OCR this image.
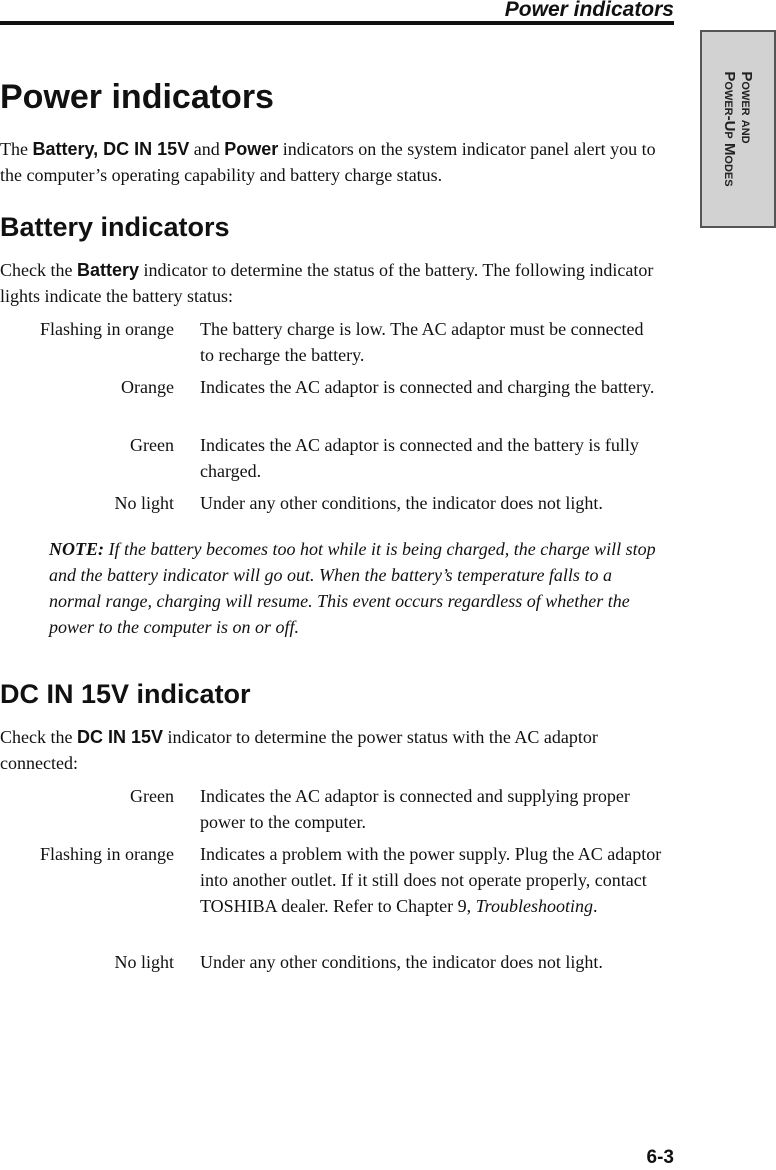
Power indicators
Power and
Power-Up Modes
Power indicators

The Battery, DC IN 15V and Power indicators on the system indicator panel alert you to the computer’s operating capability and battery charge status.

Battery indicators

Check the Battery indicator to determine the status of the battery. The following indicator lights indicate the battery status:

Flashing in orange The battery charge is low. The AC adaptor must be connected to recharge the battery.
Orange Indicates the AC adaptor is connected and charging the battery.
Green Indicates the AC adaptor is connected and the battery is fully charged.
No light Under any other conditions, the indicator does not light.

NOTE: If the battery becomes too hot while it is being charged, the charge will stop and the battery indicator will go out. When the battery’s temperature falls to a normal range, charging will resume. This event occurs regardless of whether the power to the computer is on or off.

DC IN 15V indicator

Check the DC IN 15V indicator to determine the power status with the AC adaptor connected:

Green Indicates the AC adaptor is connected and supplying proper power to the computer.
Flashing in orange Indicates a problem with the power supply. Plug the AC adaptor into another outlet. If it still does not operate properly, contact TOSHIBA dealer. Refer to Chapter 9, Troubleshooting.
No light Under any other conditions, the indicator does not light.
6-3
